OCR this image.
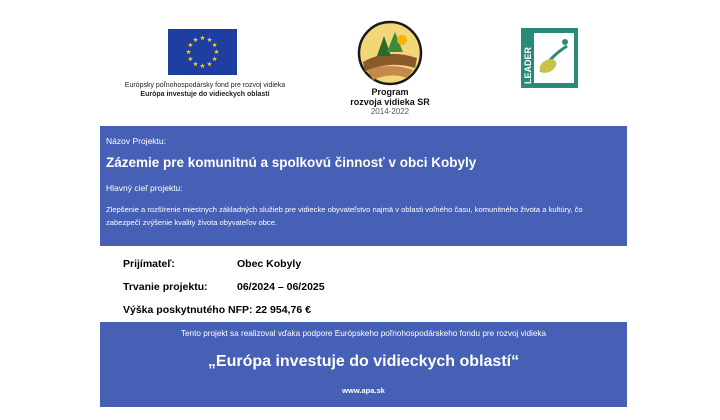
Európsky poľnohospodársky fond pre rozvoj vidieka
Európa investuje do vidieckych oblastí	Program
rozvoja vidieka SR
2014-2022
LEADER
Názov Projektu:
Zázemie pre komunitnú a spolkovú činnosť v obci Kobyly
Hlavný cieľ projektu:
Zlepšenie a rozšírenie miestnych základných služieb pre vidiecke obyvateľstvo najmä v oblasti voľného času, komunitného života a kultúry, čo zabezpečí zvýšenie kvality života obyvateľov obce.
Prijímateľ:	Obec Kobyly
Trvanie projektu:	06/2024 – 06/2025
Výška poskytnutého NFP: 22 954,76 €
Tento projekt sa realizoval vďaka podpore Európskeho poľnohospodárskeho fondu pre rozvoj vidieka
„Európa investuje do vidieckych oblastí“
www.apa.sk
